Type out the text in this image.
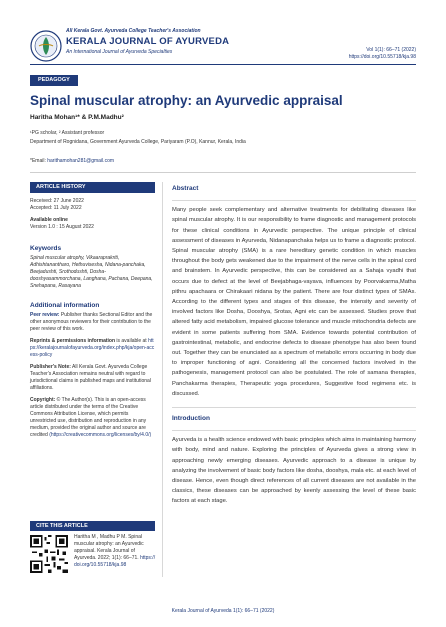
All Kerala Govt. Ayurveda College Teacher's Association
KERALA JOURNAL OF AYURVEDA
An International Journal of Ayurveda Specialties	Vol 1(1): 66–71 (2022)
https://doi.org/10.55718/kja.98
PEDAGOGY
Spinal muscular atrophy: an Ayurvedic appraisal
Haritha Mohan¹* & P.M.Madhu²
¹PG scholar, ² Assistant professor
Department of Rognidana, Government Ayurveda College, Pariyaram (P.O), Kannur, Kerala, India
*Email: harithamohan281@gmail.com
ARTICLE HISTORY
Received: 27 June 2022
Accepted: 11 July 2022
Available online
Version 1.0 : 15 August 2022
Keywords
Spinal muscular atrophy, Vikaaraprakriti, Adhishtanantharo, Hethuvisesha, Nidana-panchaka, Beejadushti, Srothodushti, Dosha-dooshyasammorchana, Langhana, Pachana, Deepana, Snehapana, Rasayana
Additional information
Peer review: Publisher thanks Sectional Editor and the other anonymous reviewers for their contribution to the peer review of this work.
Reprints & permissions information is available at https://keralajournalofayurveda.org/index.php/kja/open-access-policy
Publisher's Note: All Kerala Govt. Ayurveda College Teacher's Association remains neutral with regard to jurisdictional claims in published maps and institutional affiliations.
Copyright: © The Author(s). This is an open-access article distributed under the terms of the Creative Commons Attribution License, which permits unrestricted use, distribution and reproduction in any medium, provided the original author and source are credited (https://creativecommons.org/licenses/by/4.0/)
CITE THIS ARTICLE
Haritha M , Madhu P M. Spinal muscular atrophy: an Ayurvedic appraisal. Kerala Journal of Ayurveda. 2022; 1(1): 66–71. https://doi.org/10.55718/kja.98
Abstract
Many people seek complementary and alternative treatments for debilitating diseases like spinal muscular atrophy. It is our responsibility to frame diagnostic and management protocols for these clinical conditions in Ayurvedic perspective. The unique principle of clinical assessment of diseases in Ayurveda, Nidanapanchaka helps us to frame a diagnostic protocol. Spinal muscular atrophy (SMA) is a rare hereditary genetic condition in which muscles throughout the body gets weakened due to the impairment of the nerve cells in the spinal cord and brainstem. In Ayurvedic perspective, this can be considered as a Sahaja vyadhi that occurs due to defect at the level of Beejabhaga-vayava, influences by Poorvakarma,Matha pithru apachaara or Chirakaari nidana by the patient. There are four distinct types of SMAs. According to the different types and stages of this disease, the intensity and severity of involved factors like Dosha, Dooshya, Srotas, Agni etc can be assessed. Studies prove that altered fatty acid metabolism, impaired glucose tolerance and muscle mitochondria defects are evident in some patients suffering from SMA. Evidence towards potential contribution of gastrointestinal, metabolic, and endocrine defects to disease phenotype has also been found out. Together they can be enunciated as a spectrum of metabolic errors occurring in body due to improper functioning of agni. Considering all the concerned factors involved in the pathogenesis, management protocol can also be postulated. The role of samana therapies, Panchakarma therapies, Therapeutic yoga procedures, Suggestive food regimens etc. is discussed.
Introduction
Ayurveda is a health science endowed with basic principles which aims in maintaining harmony with body, mind and nature. Exploring the principles of Ayurveda gives a strong view in approaching newly emerging diseases. Ayurvedic approach to a disease is unique by analyzing the involvement of basic body factors like dosha, dooshya, mala etc. at each level of disease. Hence, even though direct references of all current diseases are not available in the classics, these diseases can be approached by keenly assessing the level of these basic factors at each stage.
Kerala Journal of Ayurveda 1(1): 66–71 (2022)
